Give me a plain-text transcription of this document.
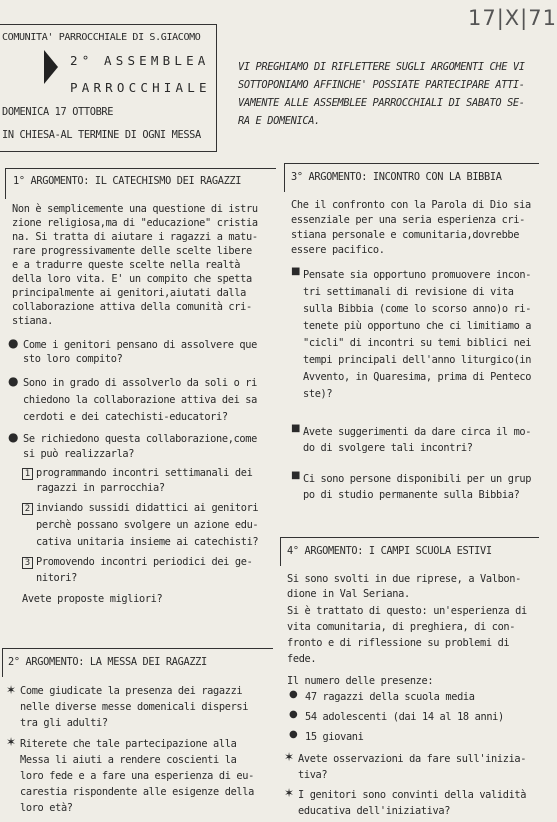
17|X|71
COMUNITA' PARROCCHIALE DI S.GIACOMO
2° ASSEMBLEA
PARROCCHIALE
DOMENICA 17 OTTOBRE
IN CHIESA-AL TERMINE DI OGNI MESSA
VI PREGHIAMO DI RIFLETTERE SUGLI ARGOMENTI CHE VI
SOTTOPONIAMO AFFINCHE' POSSIATE PARTECIPARE ATTI-
VAMENTE ALLE ASSEMBLEE PARROCCHIALI DI SABATO SE-
RA E DOMENICA.
1° ARGOMENTO: IL CATECHISMO DEI RAGAZZI
Non è semplicemente una questione di istru
zione religiosa,ma di "educazione" cristia
na. Si tratta di aiutare i ragazzi a matu-
rare progressivamente delle scelte libere
e a tradurre queste scelte nella realtà
della loro vita. E' un compito che spetta
principalmente ai genitori,aiutati dalla
collaborazione attiva della comunità cri-
stiana.
● Come i genitori pensano di assolvere que
sto loro compito?
● Sono in grado di assolverlo da soli o ri
chiedono la collaborazione attiva dei sa
cerdoti e dei catechisti-educatori?
● Se richiedono questa collaborazione,come
si può realizzarla?
1 programmando incontri settimanali dei
ragazzi in parrocchia?
2 inviando sussidi didattici ai genitori
perchè possano svolgere un azione edu-
cativa unitaria insieme ai catechisti?
3 Promovendo incontri periodici dei ge-
nitori?
Avete proposte migliori?
2° ARGOMENTO: LA MESSA DEI RAGAZZI
✶ Come giudicate la presenza dei ragazzi
nelle diverse messe domenicali dispersi
tra gli adulti?
✶ Riterete che tale partecipazione alla
Messa li aiuti a rendere coscienti la
loro fede e a fare una esperienza di eu-
carestia rispondente alle esigenze della
loro età?
3° ARGOMENTO: INCONTRO CON LA BIBBIA
Che il confronto con la Parola di Dio sia
essenziale per una seria esperienza cri-
stiana personale e comunitaria,dovrebbe
essere pacifico.
■ Pensate sia opportuno promuovere incon-
tri settimanali di revisione di vita
sulla Bibbia (come lo scorso anno)o ri-
tenete più opportuno che ci limitiamo a
"cicli" di incontri su temi biblici nei
tempi principali dell'anno liturgico(in
Avvento, in Quaresima, prima di Penteco
ste)?
■ Avete suggerimenti da dare circa il mo-
do di svolgere tali incontri?
■ Ci sono persone disponibili per un grup
po di studio permanente sulla Bibbia?
4° ARGOMENTO: I CAMPI SCUOLA ESTIVI
Si sono svolti in due riprese, a Valbon-
dione in Val Seriana.
Si è trattato di questo: un'esperienza di
vita comunitaria, di preghiera, di con-
fronto e di riflessione su problemi di
fede.
Il numero delle presenze:
● 47 ragazzi della scuola media
● 54 adolescenti (dai 14 al 18 anni)
● 15 giovani
✶ Avete osservazioni da fare sull'inizia-
tiva?
✶ I genitori sono convinti della validità
educativa dell'iniziativa?
